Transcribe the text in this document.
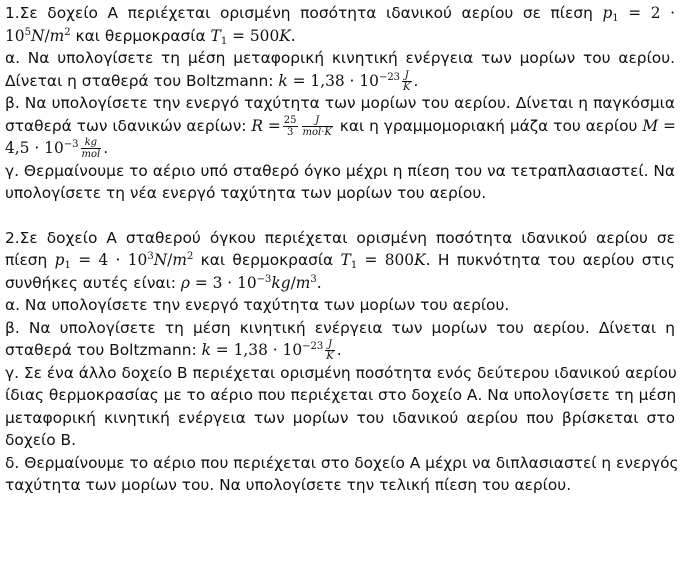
1.Σε δοχείο Α περιέχεται ορισμένη ποσότητα ιδανικού αερίου σε πίεση $p_1 = 2$ ·
$10^5N/m^2$ και θερμοκρασία $T_1 = 500K$.
α. Να υπολογίσετε τη μέση μεταφορική κινητική ενέργεια των μορίων του αερίου.
Δίνεται η σταθερά του Boltzmann: $k = 1,38 \cdot 10^{-23} \frac{J}{K}$ .
β. Να υπολογίσετε την ενεργό ταχύτητα των μορίων του αερίου. Δίνεται η παγκόσμια
σταθερά των ιδανικών αερίων: $R = \frac{25}{3} \frac{J}{\text{mol·K}}$ και η γραμμομοριακή μάζα του αερίου M =
$4,5 \cdot 10^{-3} \frac{kg}{\text{mol}}$ .
γ. Θερμαίνουμε το αέριο υπό σταθερό όγκο μέχρι η πίεση του να τετραπλασιαστεί. Να
υπολογίσετε τη νέα ενεργό ταχύτητα των μορίων του αερίου.
2.Σε δοχείο Α σταθερού όγκου περιέχεται ορισμένη ποσότητα ιδανικού αερίου σε
πίεση $p_1 = 4 \cdot 10^3N/m^2$ και θερμοκρασία $T_1 = 800K$. Η πυκνότητα του αερίου στις
συνθήκες αυτές είναι: $\rho = 3 \cdot 10^{-3}kg/m^3$.
α. Να υπολογίσετε την ενεργό ταχύτητα των μορίων του αερίου.
β. Να υπολογίσετε τη μέση κινητική ενέργεια των μορίων του αερίου. Δίνεται η
σταθερά του Boltzmann: $k = 1,38 \cdot 10^{-23} \frac{J}{K}$ .
γ. Σε ένα άλλο δοχείο Β περιέχεται ορισμένη ποσότητα ενός δεύτερου ιδανικού αερίου
ίδιας θερμοκρασίας με το αέριο που περιέχεται στο δοχείο Α. Να υπολογίσετε τη μέση
μεταφορική κινητική ενέργεια των μορίων του ιδανικού αερίου που βρίσκεται στο
δοχείο Β.
δ. Θερμαίνουμε το αέριο που περιέχεται στο δοχείο Α μέχρι να διπλασιαστεί η ενεργός
ταχύτητα των μορίων του. Να υπολογίσετε την τελική πίεση του αερίου.
